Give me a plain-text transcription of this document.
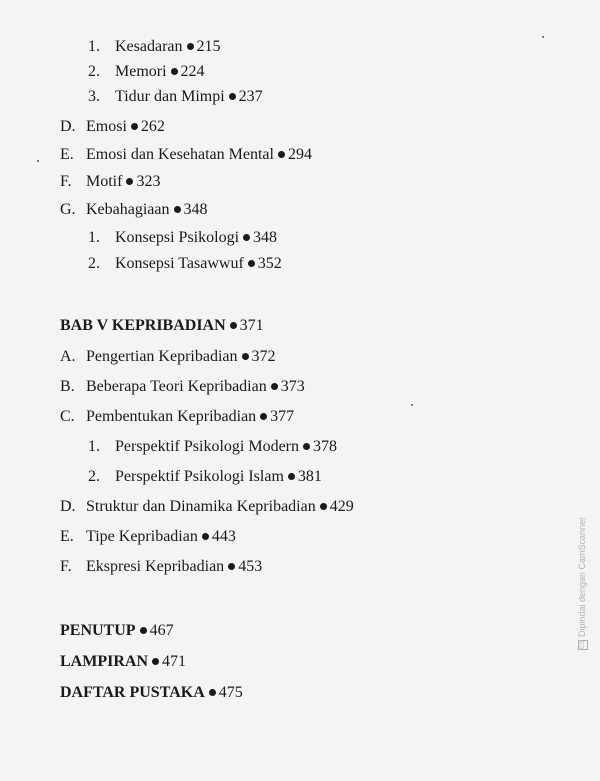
1. Kesadaran 215
2. Memori 224
3. Tidur dan Mimpi 237
D. Emosi 262
E. Emosi dan Kesehatan Mental 294
F. Motif 323
G. Kebahagiaan 348
1. Konsepsi Psikologi 348
2. Konsepsi Tasawwuf 352
BAB V KEPRIBADIAN 371
A. Pengertian Kepribadian 372
B. Beberapa Teori Kepribadian 373
C. Pembentukan Kepribadian 377
1. Perspektif Psikologi Modern 378
2. Perspektif Psikologi Islam 381
D. Struktur dan Dinamika Kepribadian 429
E. Tipe Kepribadian 443
F. Ekspresi Kepribadian 453
PENUTUP 467
LAMPIRAN 471
DAFTAR PUSTAKA 475
CSDipindai dengan CamScanner
